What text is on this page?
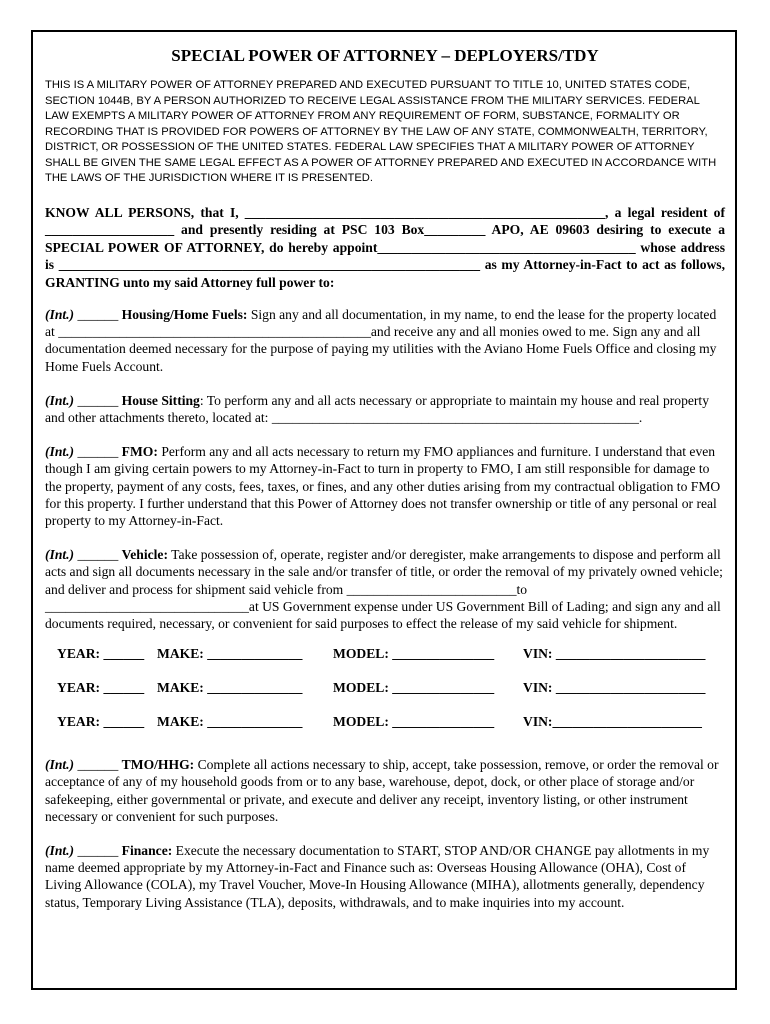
SPECIAL POWER OF ATTORNEY – DEPLOYERS/TDY
THIS IS A MILITARY POWER OF ATTORNEY PREPARED AND EXECUTED PURSUANT TO TITLE 10, UNITED STATES CODE, SECTION 1044B, BY A PERSON AUTHORIZED TO RECEIVE LEGAL ASSISTANCE FROM THE MILITARY SERVICES. FEDERAL LAW EXEMPTS A MILITARY POWER OF ATTORNEY FROM ANY REQUIREMENT OF FORM, SUBSTANCE, FORMALITY OR RECORDING THAT IS PROVIDED FOR POWERS OF ATTORNEY BY THE LAW OF ANY STATE, COMMONWEALTH, TERRITORY, DISTRICT, OR POSSESSION OF THE UNITED STATES. FEDERAL LAW SPECIFIES THAT A MILITARY POWER OF ATTORNEY SHALL BE GIVEN THE SAME LEGAL EFFECT AS A POWER OF ATTORNEY PREPARED AND EXECUTED IN ACCORDANCE WITH THE LAWS OF THE JURISDICTION WHERE IT IS PRESENTED.
KNOW ALL PERSONS, that I, _____________________________________________________, a legal resident of ___________________ and presently residing at PSC 103 Box_________ APO, AE 09603 desiring to execute a SPECIAL POWER OF ATTORNEY, do hereby appoint______________________________________ whose address is ______________________________________________________________ as my Attorney-in-Fact to act as follows, GRANTING unto my said Attorney full power to:
(Int.) ______ Housing/Home Fuels: Sign any and all documentation, in my name, to end the lease for the property located at ______________________________________________and receive any and all monies owed to me. Sign any and all documentation deemed necessary for the purpose of paying my utilities with the Aviano Home Fuels Office and closing my Home Fuels Account.
(Int.) ______ House Sitting: To perform any and all acts necessary or appropriate to maintain my house and real property and other attachments thereto, located at: ______________________________________________________.
(Int.) ______ FMO: Perform any and all acts necessary to return my FMO appliances and furniture. I understand that even though I am giving certain powers to my Attorney-in-Fact to turn in property to FMO, I am still responsible for damage to the property, payment of any costs, fees, taxes, or fines, and any other duties arising from my contractual obligation to FMO for this property. I further understand that this Power of Attorney does not transfer ownership or title of any personal or real property to my Attorney-in-Fact.
(Int.) ______ Vehicle: Take possession of, operate, register and/or deregister, make arrangements to dispose and perform all acts and sign all documents necessary in the sale and/or transfer of title, or order the removal of my privately owned vehicle; and deliver and process for shipment said vehicle from _________________________to ______________________________at US Government expense under US Government Bill of Lading; and sign any and all documents required, necessary, or convenient for said purposes to effect the release of my said vehicle for shipment.
YEAR: ______ MAKE: ______________	MODEL: _______________	VIN: ______________________
YEAR: ______ MAKE: ______________	MODEL: _______________	VIN: ______________________
YEAR: ______ MAKE: ______________	MODEL: _______________	VIN:______________________
(Int.) ______ TMO/HHG: Complete all actions necessary to ship, accept, take possession, remove, or order the removal or acceptance of any of my household goods from or to any base, warehouse, depot, dock, or other place of storage and/or safekeeping, either governmental or private, and execute and deliver any receipt, inventory listing, or other instrument necessary or convenient for such purposes.
(Int.) ______ Finance: Execute the necessary documentation to START, STOP AND/OR CHANGE pay allotments in my name deemed appropriate by my Attorney-in-Fact and Finance such as: Overseas Housing Allowance (OHA), Cost of Living Allowance (COLA), my Travel Voucher, Move-In Housing Allowance (MIHA), allotments generally, dependency status, Temporary Living Assistance (TLA), deposits, withdrawals, and to make inquiries into my account.
